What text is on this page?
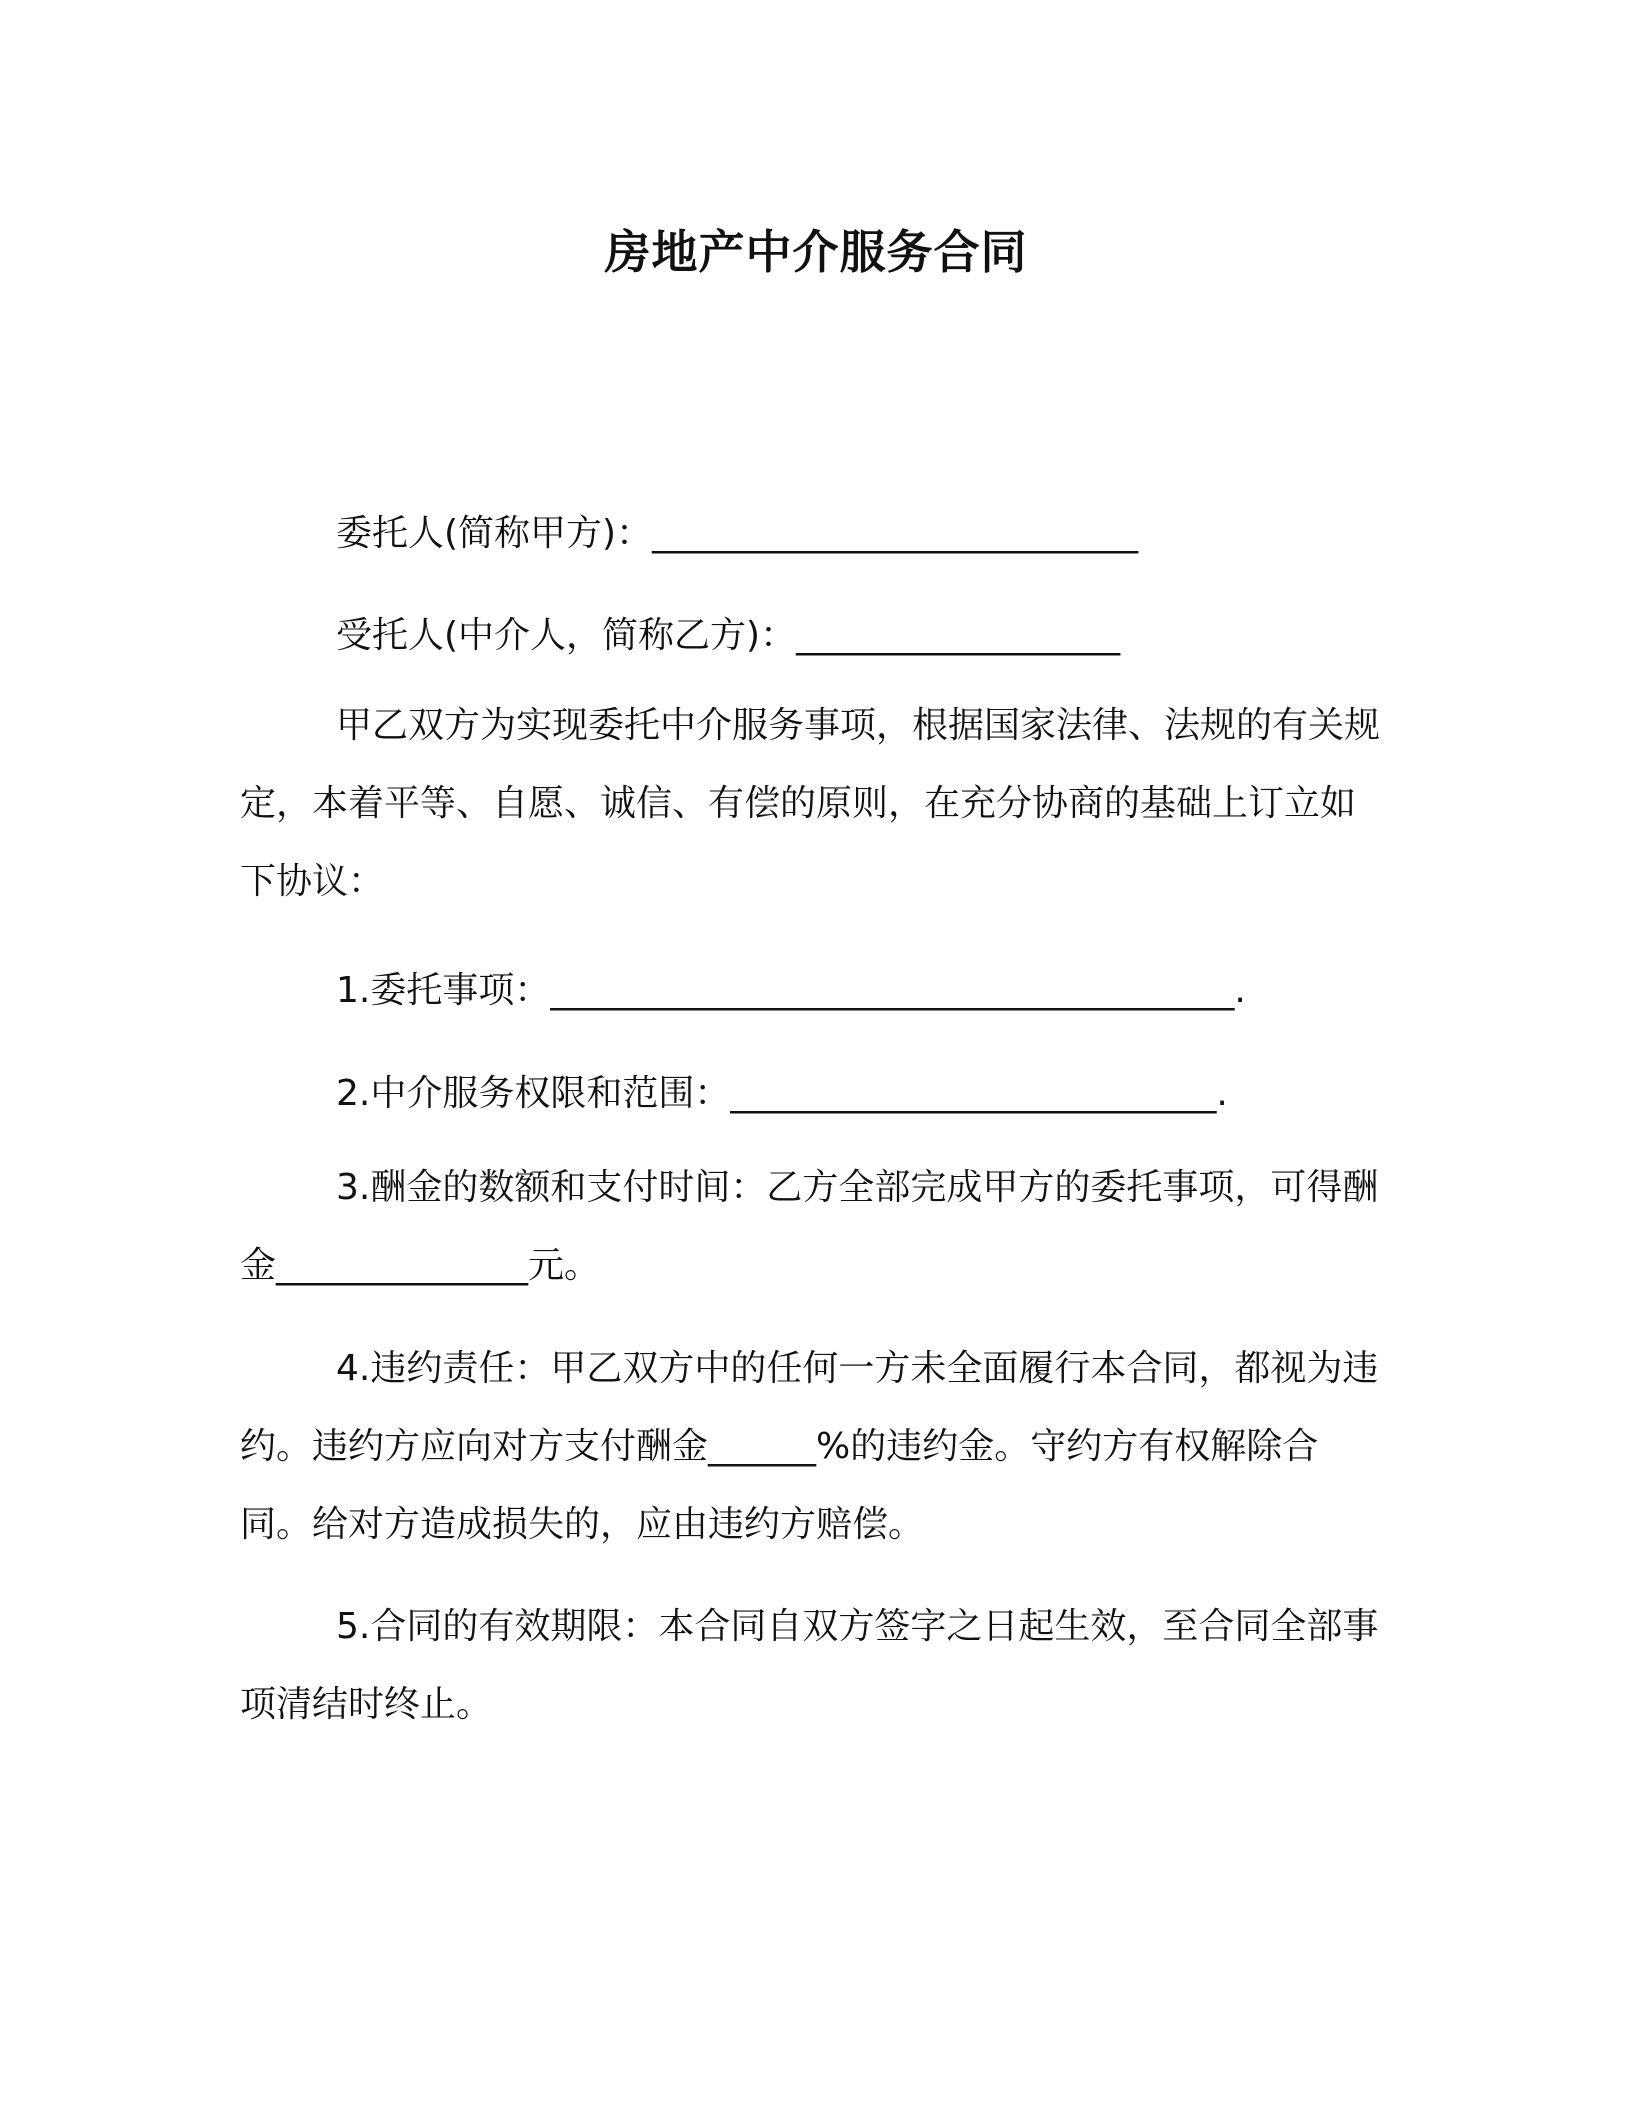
房地产中介服务合同

委托人(简称甲方)：___________________________

受托人(中介人，简称乙方)：__________________

甲乙双方为实现委托中介服务事项，根据国家法律、法规的有关规定，本着平等、自愿、诚信、有偿的原则，在充分协商的基础上订立如下协议：

1.委托事项：______________________________________.

2.中介服务权限和范围：___________________________.

3.酬金的数额和支付时间：乙方全部完成甲方的委托事项，可得酬金______________元。

4.违约责任：甲乙双方中的任何一方未全面履行本合同，都视为违约。违约方应向对方支付酬金______%的违约金。守约方有权解除合同。给对方造成损失的，应由违约方赔偿。

5.合同的有效期限：本合同自双方签字之日起生效，至合同全部事项清结时终止。
